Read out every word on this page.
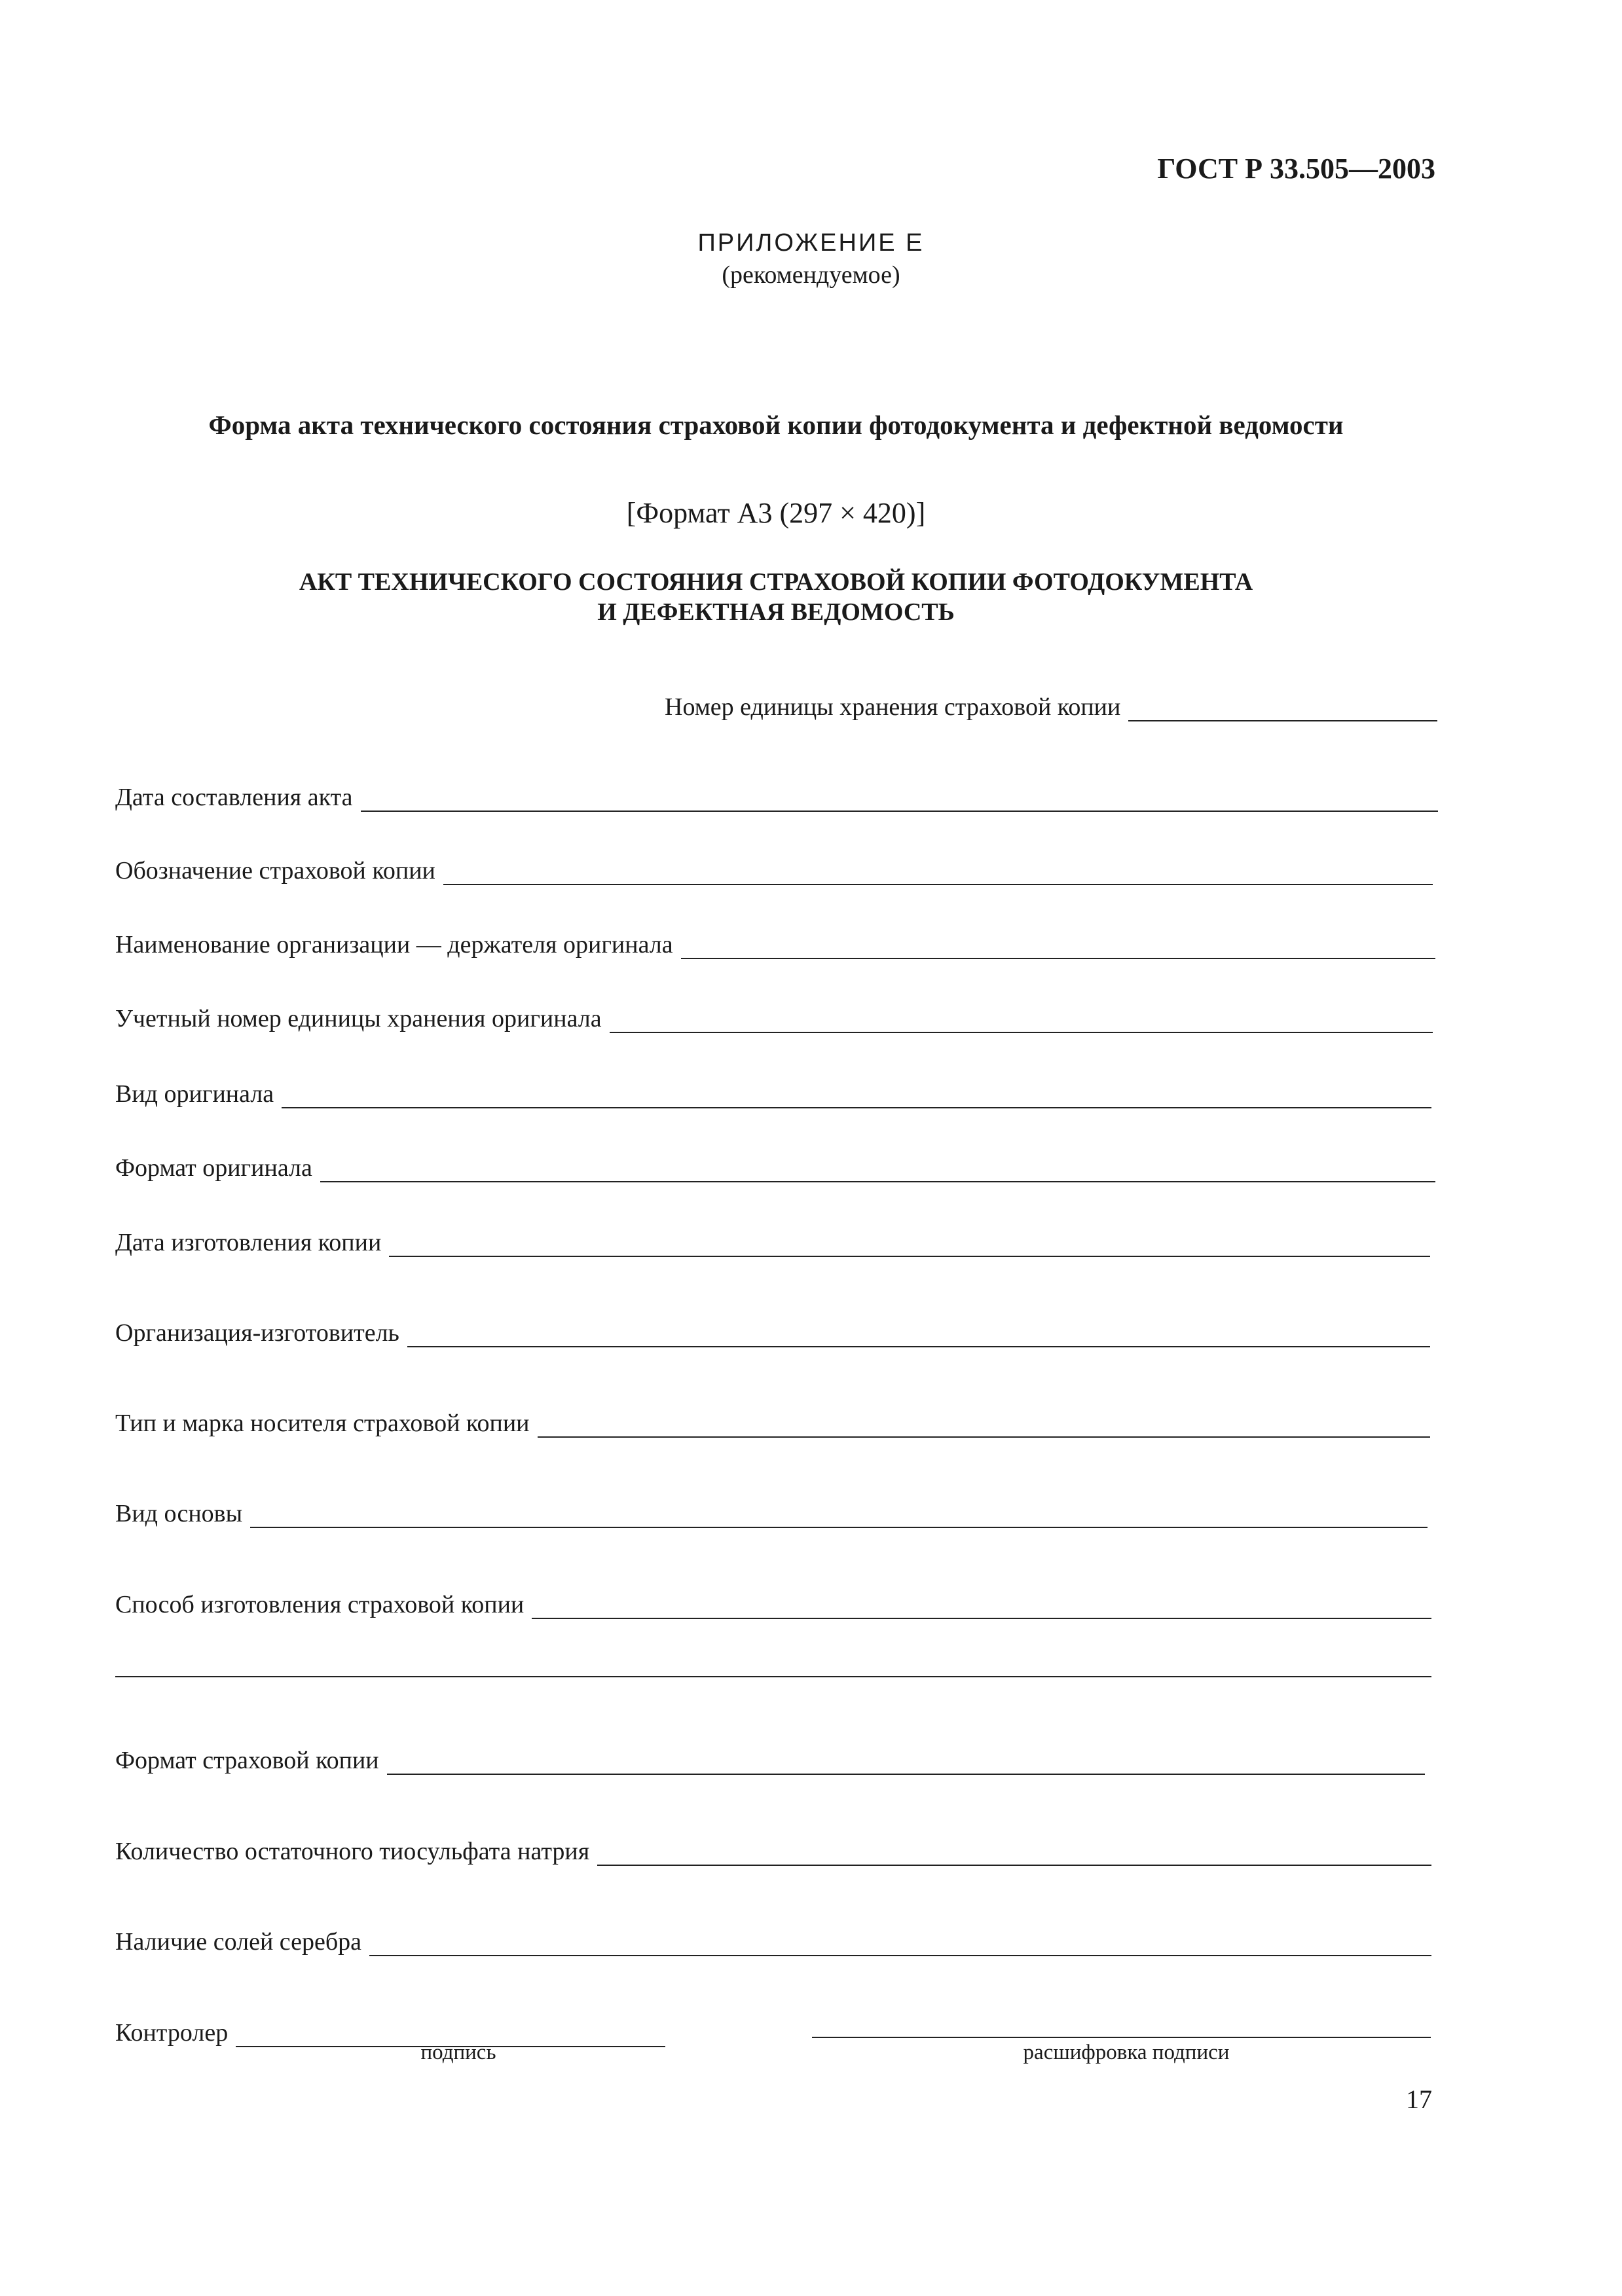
ГОСТ Р 33.505—2003
ПРИЛОЖЕНИЕ Е
(рекомендуемое)
Форма акта технического состояния страховой копии фотодокумента и дефектной ведомости
[Формат А3 (297 × 420)]
АКТ ТЕХНИЧЕСКОГО СОСТОЯНИЯ СТРАХОВОЙ КОПИИ ФОТОДОКУМЕНТА
И ДЕФЕКТНАЯ ВЕДОМОСТЬ
Номер единицы хранения страховой копии
Дата составления акта
Обозначение страховой копии
Наименование организации — держателя оригинала
Учетный номер единицы хранения оригинала
Вид оригинала
Формат оригинала
Дата изготовления копии
Организация-изготовитель
Тип и марка носителя страховой копии
Вид основы
Способ изготовления страховой копии
Формат страховой копии
Количество остаточного тиосульфата натрия
Наличие солей серебра
Контролер
подпись	расшифровка подписи
17
